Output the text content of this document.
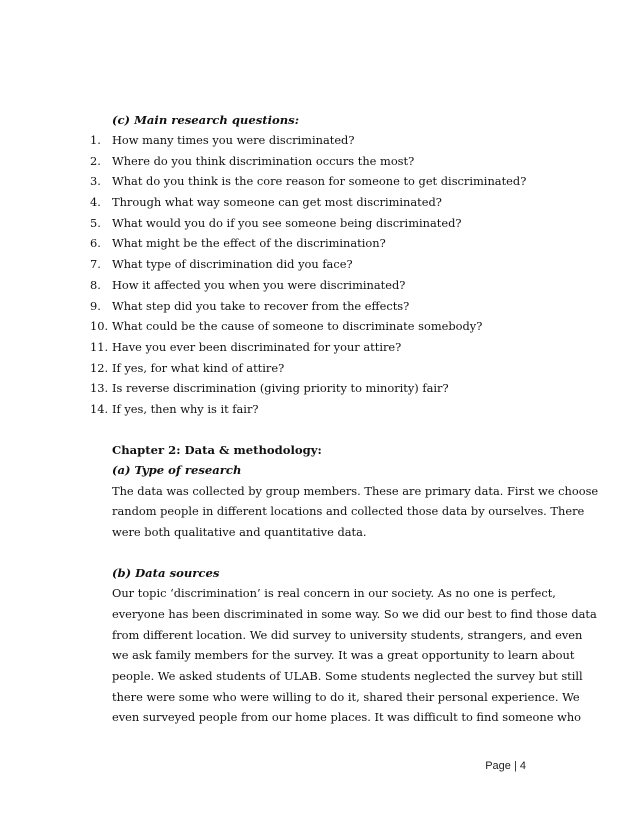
(c) Main research questions:

1. How many times you were discriminated?
2. Where do you think discrimination occurs the most?
3. What do you think is the core reason for someone to get discriminated?
4. Through what way someone can get most discriminated?
5. What would you do if you see someone being discriminated?
6. What might be the effect of the discrimination?
7. What type of discrimination did you face?
8. How it affected you when you were discriminated?
9. What step did you take to recover from the effects?
10. What could be the cause of someone to discriminate somebody?
11. Have you ever been discriminated for your attire?
12. If yes, for what kind of attire?
13. Is reverse discrimination (giving priority to minority) fair?
14. If yes, then why is it fair?

Chapter 2: Data & methodology:

(a) Type of research

The data was collected by group members. These are primary data. First we choose
random people in different locations and collected those data by ourselves. There
were both qualitative and quantitative data.

(b) Data sources

Our topic ‘discrimination’ is real concern in our society. As no one is perfect,
everyone has been discriminated in some way. So we did our best to find those data
from different location. We did survey to university students, strangers, and even
we ask family members for the survey. It was a great opportunity to learn about
people. We asked students of ULAB. Some students neglected the survey but still
there were some who were willing to do it, shared their personal experience. We
even surveyed people from our home places. It was difficult to find someone who

Page | 4
